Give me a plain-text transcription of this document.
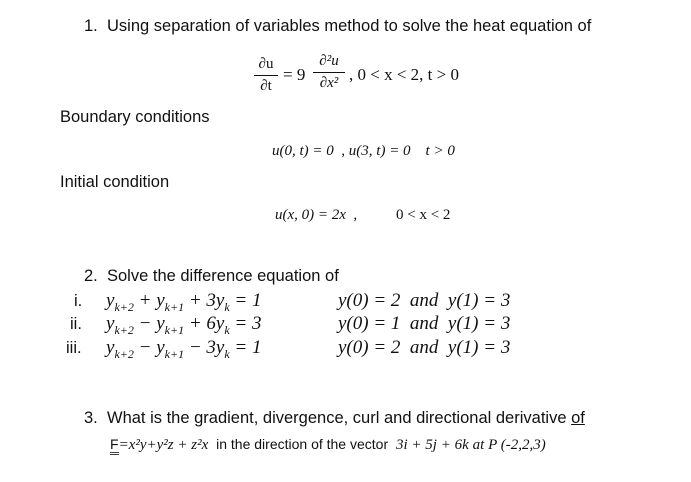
1. Using separation of variables method to solve the heat equation of
∂u
∂t
= 9
∂²u
∂x² , 0 < x < 2, t > 0
Boundary conditions
u(0, t) = 0  , u(3, t) = 0    t > 0
Initial condition
u(x, 0) = 2x  ,	0 < x < 2
2. Solve the difference equation of
i. $y_{k+2} + y_{k+1} + 3y_k = 1$	y(0) = 2  and  y(1) = 3
ii. $y_{k+2} - y_{k+1} + 6y_k = 3$	y(0) = 1  and  y(1) = 3
iii. $y_{k+2} - y_{k+1} - 3y_k = 1$	y(0) = 2  and  y(1) = 3
3. What is the gradient, divergence, curl and directional derivative of
F=x²y+y²z + z²x in the direction of the vector 3i + 5j + 6k at P (-2,2,3)
